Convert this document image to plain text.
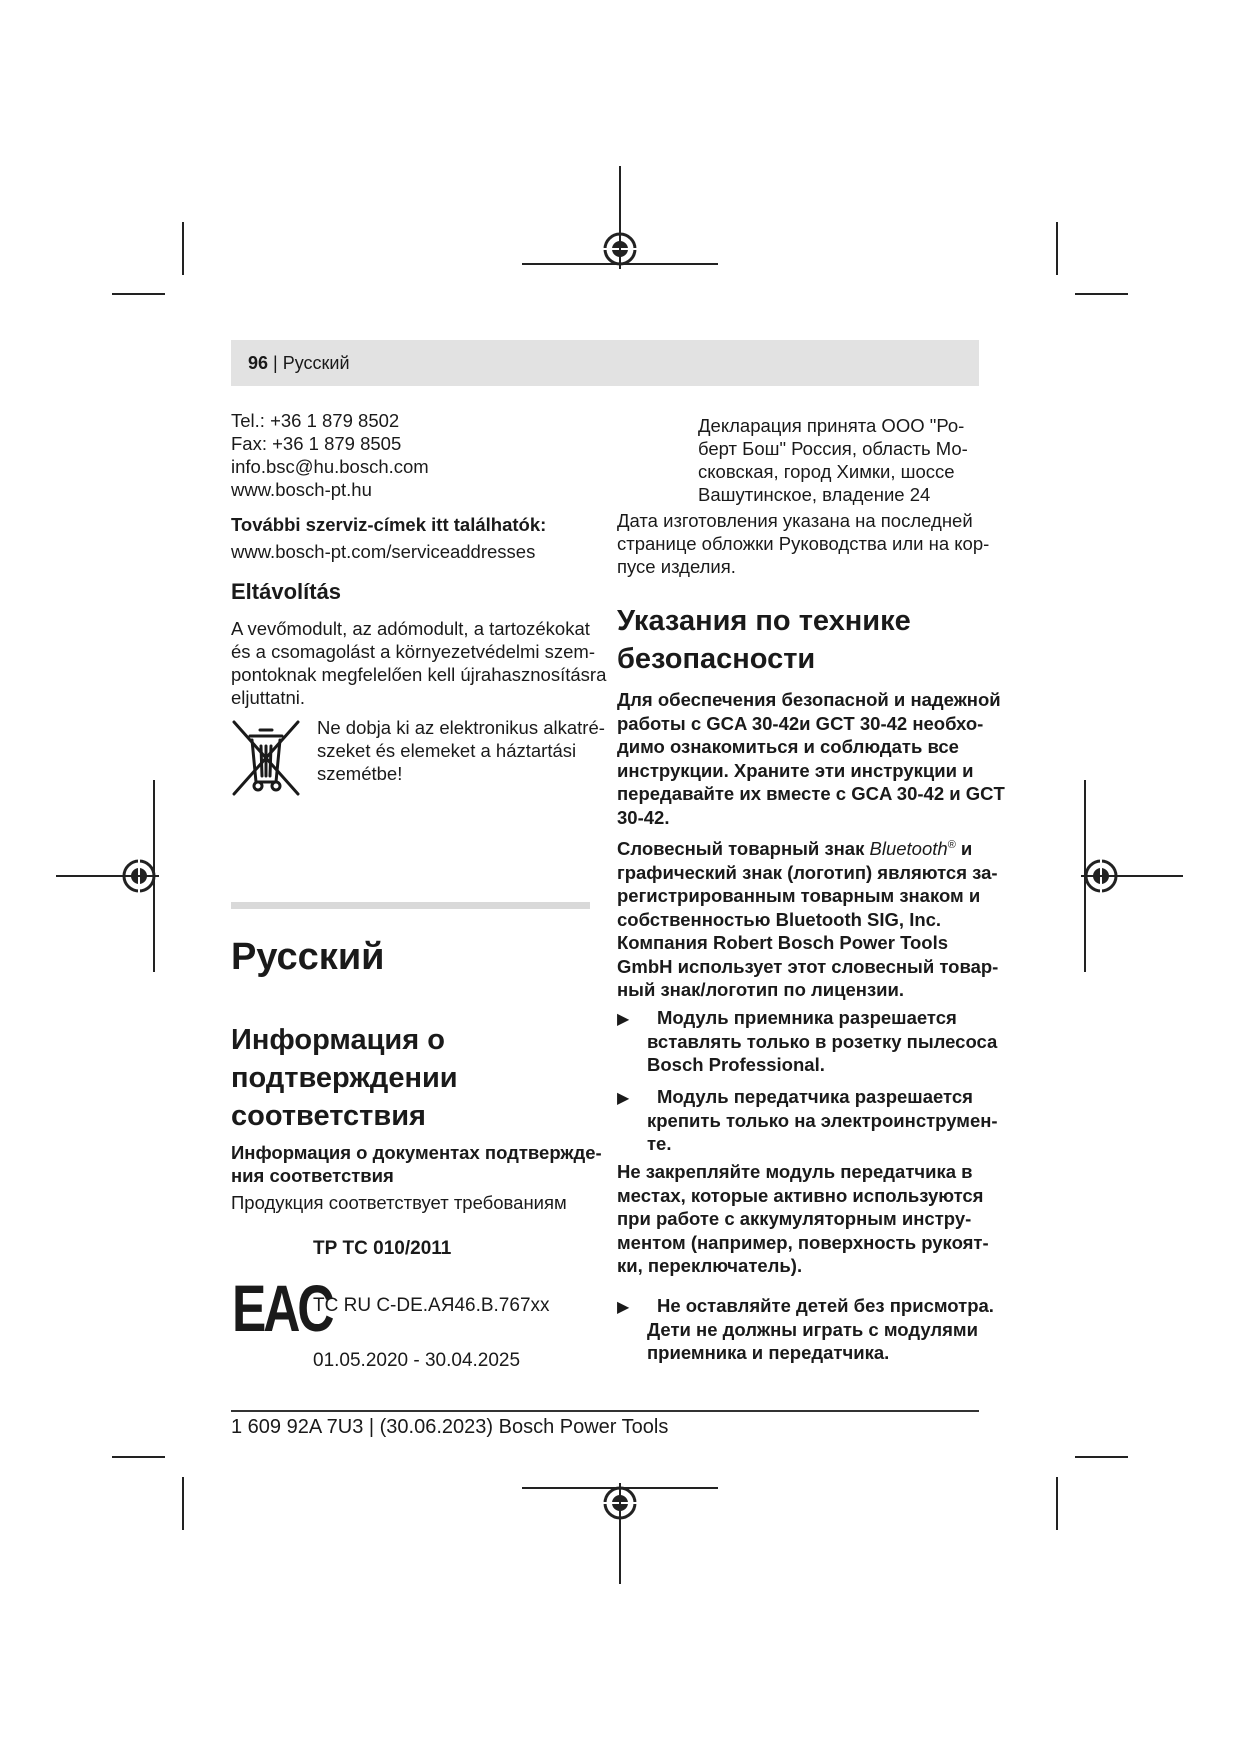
96 | Русский
Tel.: +36 1 879 8502
Fax: +36 1 879 8505
info.bsc@hu.bosch.com
www.bosch-pt.hu
További szerviz-címek itt találhatók:
www.bosch-pt.com/serviceaddresses
Eltávolítás
A vevőmodult, az adómodult, a tartozékokat
és a csomagolást a környezetvédelmi szem-
pontoknak megfelelően kell újrahasznosításra
eljuttatni.
Ne dobja ki az elektronikus alkatré-
szeket és elemeket a háztartási
szemétbe!
Русский
Информация о
подтверждении
соответствия
Информация о документах подтвержде-
ния соответствия
Продукция соответствует требованиям
ТР ТС 010/2011
EAC
TC RU C-DE.АЯ46.В.767хх
01.05.2020 - 30.04.2025
Декларация принята ООО "Ро-
берт Бош" Россия, область Мо-
сковская, город Химки, шоссе
Вашутинское, владение 24
Дата изготовления указана на последней
странице обложки Руководства или на кор-
пусе изделия.
Указания по технике
безопасности
Для обеспечения безопасной и надежной
работы с GCA 30-42и GCT 30-42 необхо-
димо ознакомиться и соблюдать все
инструкции. Храните эти инструкции и
передавайте их вместе с GCA 30-42 и GCT
30-42.
Словесный товарный знак Bluetooth® и
графический знак (логотип) являются за-
регистрированным товарным знаком и
собственностью Bluetooth SIG, Inc.
Компания Robert Bosch Power Tools
GmbH использует этот словесный товар-
ный знак/логотип по лицензии.
▶ Модуль приемника разрешается
вставлять только в розетку пылесоса
Bosch Professional.
▶ Модуль передатчика разрешается
крепить только на электроинструмен-
те.
Не закрепляйте модуль передатчика в
местах, которые активно используются
при работе с аккумуляторным инстру-
ментом (например, поверхность рукоят-
ки, переключатель).
▶ Не оставляйте детей без присмотра.
Дети не должны играть с модулями
приемника и передатчика.
1 609 92A 7U3 | (30.06.2023) Bosch Power Tools
